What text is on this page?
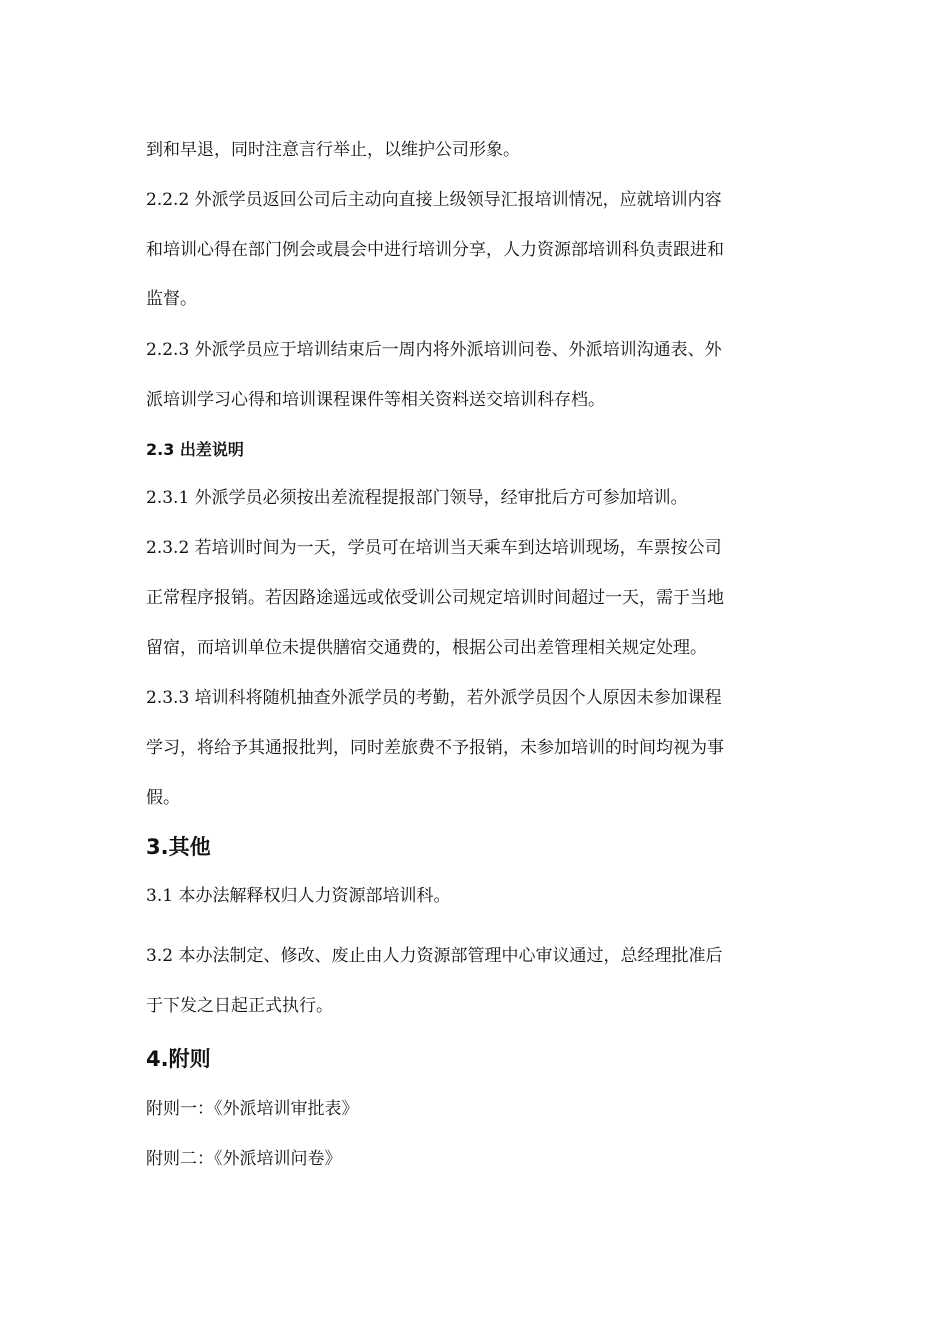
到和早退，同时注意言行举止，以维护公司形象。
2.2.2 外派学员返回公司后主动向直接上级领导汇报培训情况，应就培训内容
和培训心得在部门例会或晨会中进行培训分享，人力资源部培训科负责跟进和
监督。
2.2.3 外派学员应于培训结束后一周内将外派培训问卷、外派培训沟通表、外
派培训学习心得和培训课程课件等相关资料送交培训科存档。
2.3 出差说明
2.3.1 外派学员必须按出差流程提报部门领导，经审批后方可参加培训。
2.3.2 若培训时间为一天，学员可在培训当天乘车到达培训现场，车票按公司
正常程序报销。若因路途遥远或依受训公司规定培训时间超过一天，需于当地
留宿，而培训单位未提供膳宿交通费的，根据公司出差管理相关规定处理。
2.3.3 培训科将随机抽查外派学员的考勤，若外派学员因个人原因未参加课程
学习，将给予其通报批判，同时差旅费不予报销，未参加培训的时间均视为事
假。
3.其他
3.1 本办法解释权归人力资源部培训科。
3.2 本办法制定、修改、废止由人力资源部管理中心审议通过，总经理批准后
于下发之日起正式执行。
4.附则
附则一：《外派培训审批表》
附则二：《外派培训问卷》
